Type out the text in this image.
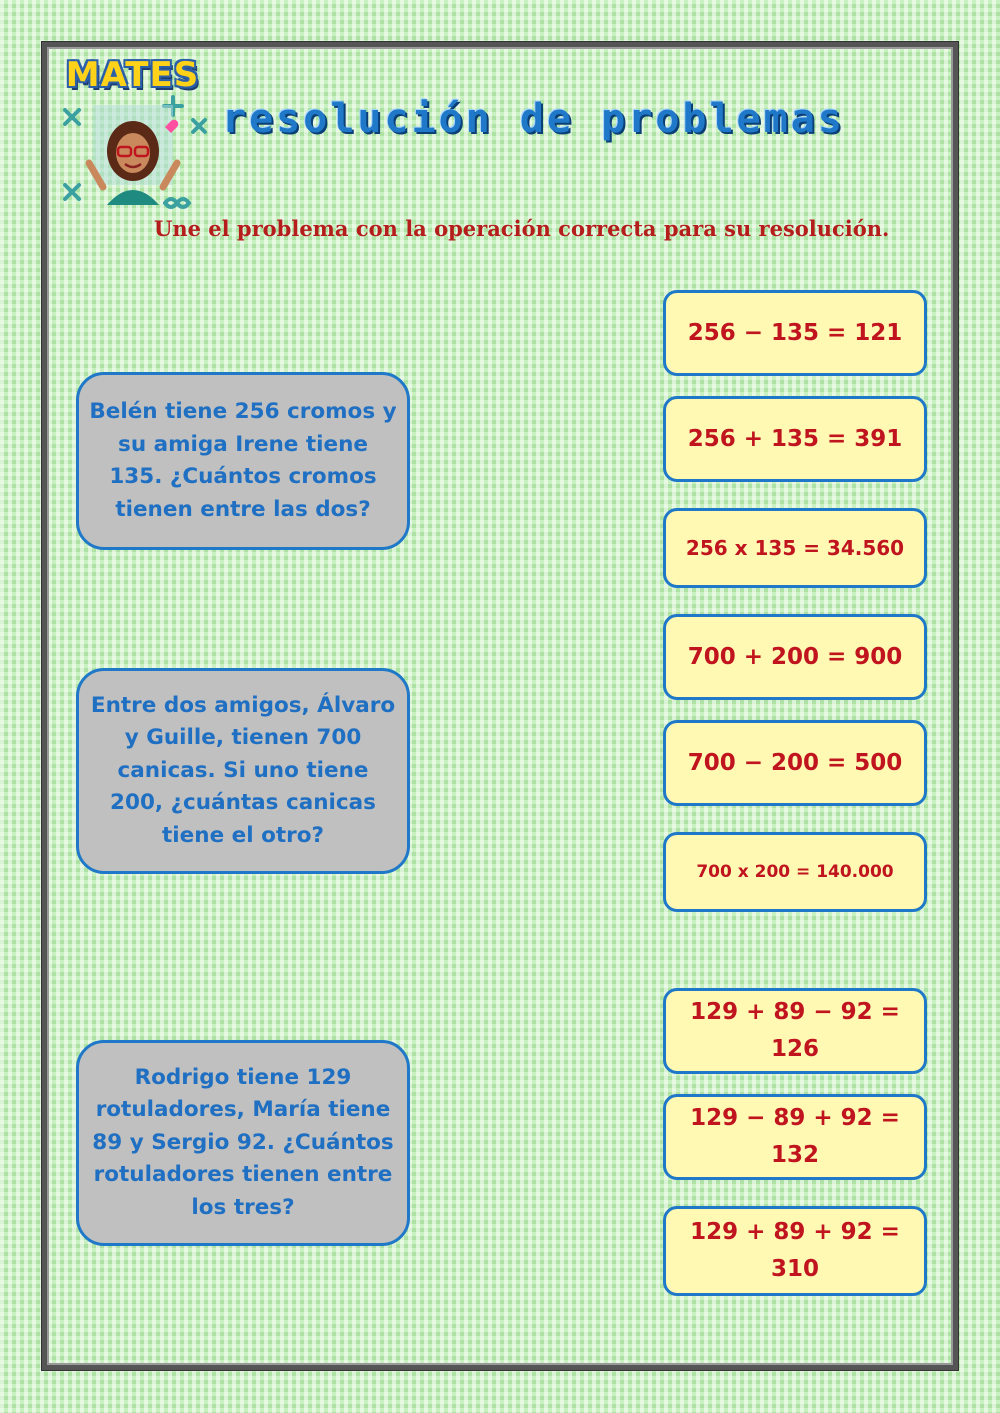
MATES
resolución de problemas
Une el problema con la operación correcta para su resolución.
Belén tiene 256 cromos y su amiga Irene tiene 135. ¿Cuántos cromos tienen entre las dos?
Entre dos amigos, Álvaro y Guille, tienen 700 canicas. Si uno tiene 200, ¿cuántas canicas tiene el otro?
Rodrigo tiene 129 rotuladores, María tiene 89 y Sergio 92. ¿Cuántos rotuladores tienen entre los tres?
256 − 135 = 121
256 + 135 = 391
256 x 135 = 34.560
700 + 200 = 900
700 − 200 = 500
700 x 200 = 140.000
129 + 89 − 92 = 126
129 − 89 + 92 = 132
129 + 89 + 92 = 310
